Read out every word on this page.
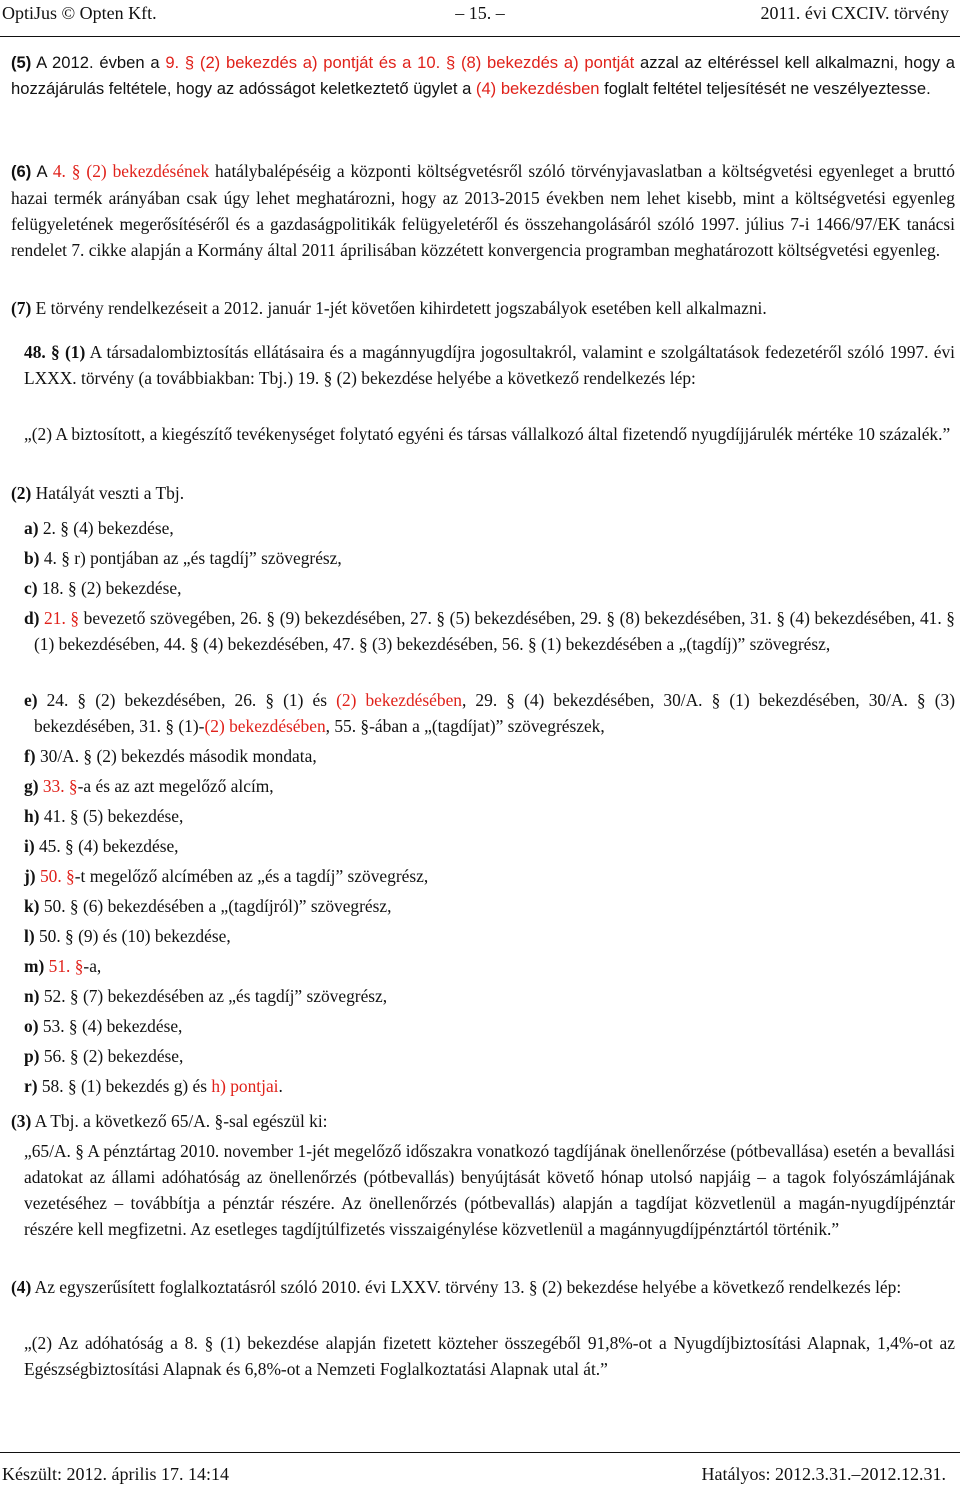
OptiJus © Opten Kft.	– 15. –	2011. évi CXCIV. törvény

(5) A 2012. évben a 9. § (2) bekezdés a) pontját és a 10. § (8) bekezdés a) pontját azzal az eltéréssel kell alkalmazni, hogy a hozzájárulás feltétele, hogy az adósságot keletkeztető ügylet a (4) bekezdésben foglalt feltétel teljesítését ne veszélyeztesse.

(6) A 4. § (2) bekezdésének hatálybalépéséig a központi költségvetésről szóló törvényjavaslatban a költségvetési egyenleget a bruttó hazai termék arányában csak úgy lehet meghatározni, hogy az 2013-2015 években nem lehet kisebb, mint a költségvetési egyenleg felügyeletének megerősítéséről és a gazdaságpolitikák felügyeletéről és összehangolásáról szóló 1997. július 7-i 1466/97/EK tanácsi rendelet 7. cikke alapján a Kormány által 2011 áprilisában közzétett konvergencia programban meghatározott költségvetési egyenleg.

(7) E törvény rendelkezéseit a 2012. január 1-jét követően kihirdetett jogszabályok esetében kell alkalmazni.

48. § (1) A társadalombiztosítás ellátásaira és a magánnyugdíjra jogosultakról, valamint e szolgáltatások fedezetéről szóló 1997. évi LXXX. törvény (a továbbiakban: Tbj.) 19. § (2) bekezdése helyébe a következő rendelkezés lép:

„(2) A biztosított, a kiegészítő tevékenységet folytató egyéni és társas vállalkozó által fizetendő nyugdíjjárulék mértéke 10 százalék.”

(2) Hatályát veszti a Tbj.

a) 2. § (4) bekezdése,
b) 4. § r) pontjában az „és tagdíj” szövegrész,
c) 18. § (2) bekezdése,
d) 21. § bevezető szövegében, 26. § (9) bekezdésében, 27. § (5) bekezdésében, 29. § (8) bekezdésében, 31. § (4) bekezdésében, 41. § (1) bekezdésében, 44. § (4) bekezdésében, 47. § (3) bekezdésében, 56. § (1) bekezdésében a „(tagdíj)” szövegrész,
e) 24. § (2) bekezdésében, 26. § (1) és (2) bekezdésében, 29. § (4) bekezdésében, 30/A. § (1) bekezdésében, 30/A. § (3) bekezdésében, 31. § (1)-(2) bekezdésében, 55. §-ában a „(tagdíjat)” szövegrészek,
f) 30/A. § (2) bekezdés második mondata,
g) 33. §-a és az azt megelőző alcím,
h) 41. § (5) bekezdése,
i) 45. § (4) bekezdése,
j) 50. §-t megelőző alcímében az „és a tagdíj” szövegrész,
k) 50. § (6) bekezdésében a „(tagdíjról)” szövegrész,
l) 50. § (9) és (10) bekezdése,
m) 51. §-a,
n) 52. § (7) bekezdésében az „és tagdíj” szövegrész,
o) 53. § (4) bekezdése,
p) 56. § (2) bekezdése,
r) 58. § (1) bekezdés g) és h) pontjai.

(3) A Tbj. a következő 65/A. §-sal egészül ki:

„65/A. § A pénztártag 2010. november 1-jét megelőző időszakra vonatkozó tagdíjának önellenőrzése (pótbevallása) esetén a bevallási adatokat az állami adóhatóság az önellenőrzés (pótbevallás) benyújtását követő hónap utolsó napjáig – a tagok folyószámlájának vezetéséhez – továbbítja a pénztár részére. Az önellenőrzés (pótbevallás) alapján a tagdíjat közvetlenül a magán-nyugdíjpénztár részére kell megfizetni. Az esetleges tagdíjtúlfizetés visszaigénylése közvetlenül a magánnyugdíjpénztártól történik.”

(4) Az egyszerűsített foglalkoztatásról szóló 2010. évi LXXV. törvény 13. § (2) bekezdése helyébe a következő rendelkezés lép:

„(2) Az adóhatóság a 8. § (1) bekezdése alapján fizetett közteher összegéből 91,8%-ot a Nyugdíjbiztosítási Alapnak, 1,4%-ot az Egészségbiztosítási Alapnak és 6,8%-ot a Nemzeti Foglalkoztatási Alapnak utal át.”

Készült: 2012. április 17. 14:14	Hatályos: 2012.3.31.–2012.12.31.
